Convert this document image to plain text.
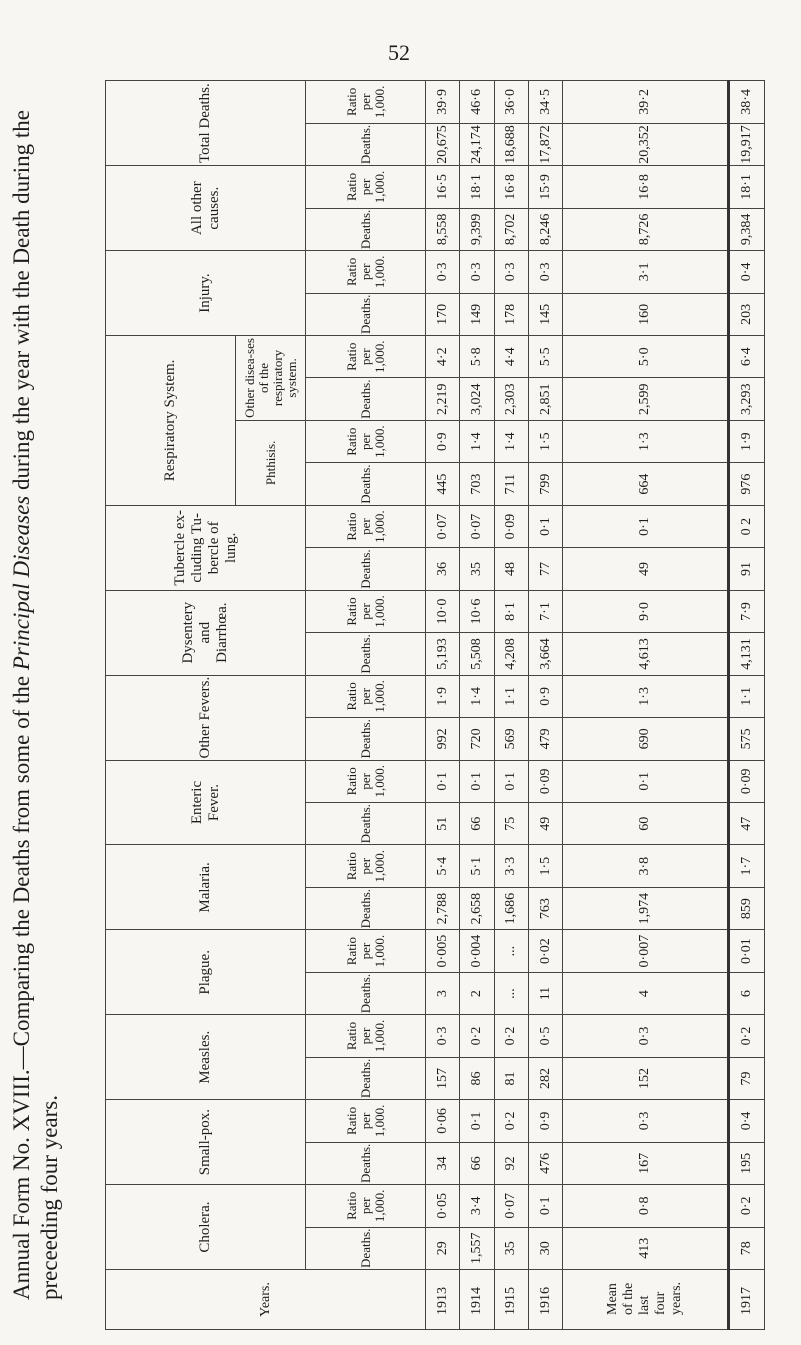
52
Annual Form No. XVIII.—Comparing the Deaths from some of the Principal Diseases during the year with the Death during the preceeding four years.	Years.	Cholera.		Small-pox.		Measles.		Plague.		Malaria.		Enteric Fever.		Other Fevers.		Dysentery and Diarrhœa.		Tubercle ex-cluding Tu-bercle of lung.		Respiratory System.				Injury.		All other causes.		Total Deaths.	
																			Phthisis.		Other disea-ses of the respiratory system.							
	Deaths.	Ratio per 1,000.	Deaths.	Ratio per 1,000.	Deaths.	Ratio per 1,000.	Deaths.	Ratio per 1,000.	Deaths.	Ratio per 1,000.	Deaths.	Ratio per 1,000.	Deaths.	Ratio per 1,000.	Deaths.	Ratio per 1,000.	Deaths.	Ratio per 1,000.	Deaths.	Ratio per 1,000.	Deaths.	Ratio per 1,000.	Deaths.	Ratio per 1,000.	Deaths.	Ratio per 1,000.	Deaths.	Ratio per 1,000.
1913	29	0·05	34	0·06	157	0·3	3	0·005	2,788	5·4	51	0·1	992	1·9	5,193	10·0	36	0·07	445	0·9	2,219	4·2	170	0·3	8,558	16·5	20,675	39·9
1914	1,557	3·4	66	0·1	86	0·2	2	0·004	2,658	5·1	66	0·1	720	1·4	5,508	10·6	35	0·07	703	1·4	3,024	5·8	149	0·3	9,399	18·1	24,174	46·6
1915	35	0·07	92	0·2	81	0·2	...	...	1,686	3·3	75	0·1	569	1·1	4,208	8·1	48	0·09	711	1·4	2,303	4·4	178	0·3	8,702	16·8	18,688	36·0
1916	30	0·1	476	0·9	282	0·5	11	0·02	763	1·5	49	0·09	479	0·9	3,664	7·1	77	0·1	799	1·5	2,851	5·5	145	0·3	8,246	15·9	17,872	34·5
Mean of the last four years.	413	0·8	167	0·3	152	0·3	4	0·007	1,974	3·8	60	0·1	690	1·3	4,613	9·0	49	0·1	664	1·3	2,599	5·0	160	3·1	8,726	16·8	20,352	39·2
1917	78	0·2	195	0·4	79	0·2	6	0·01	859	1·7	47	0·09	575	1·1	4,131	7·9	91	0 2	976	1·9	3,293	6·4	203	0·4	9,384	18·1	19,917	38·4
